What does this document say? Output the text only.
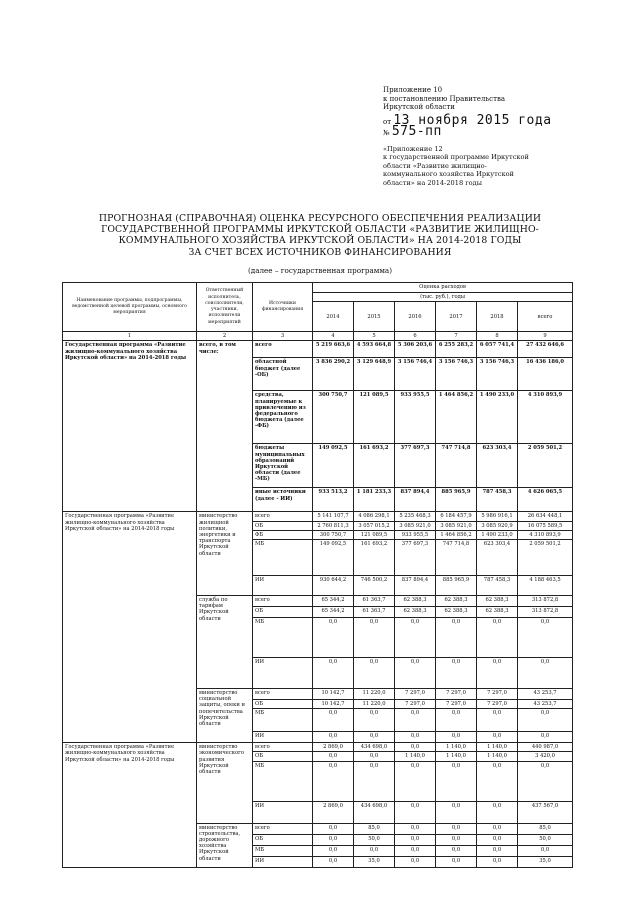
Приложение 10
к постановлению Правительства
Иркутской области
от 13 ноября 2015 года
№ 575-пп
«Приложение 12
к государственной программе Иркутской
области «Развитие жилищно-
коммунального хозяйства Иркутской
области» на 2014-2018 годы
ПРОГНОЗНАЯ (СПРАВОЧНАЯ) ОЦЕНКА РЕСУРСНОГО ОБЕСПЕЧЕНИЯ РЕАЛИЗАЦИИ
ГОСУДАРСТВЕННОЙ ПРОГРАММЫ ИРКУТСКОЙ ОБЛАСТИ «РАЗВИТИЕ ЖИЛИЩНО-
КОММУНАЛЬНОГО ХОЗЯЙСТВА ИРКУТСКОЙ ОБЛАСТИ» НА 2014-2018 ГОДЫ
ЗА СЧЕТ ВСЕХ ИСТОЧНИКОВ ФИНАНСИРОВАНИЯ
(далее – государственная программа)
Наименование программы, подпрограммы, ведомственной целевой программы, основного мероприятия	Ответственный исполнитель, соисполнители, участники, исполнители мероприятий	Источники финансирования	Оценка расходов					
			(тыс. руб.), годы					
			2014	2015	2016	2017	2018	всего
1	2	3	4	5	6	7	8	9
Государственная программа «Развитие жилищно-коммунального хозяйства Иркутской области» на 2014-2018 годы	всего, в том числе:	всего	5 219 663,6	4 593 664,8	5 306 203,6	6 255 283,2	6 057 741,4	27 432 646,6
		областной бюджет (далее -ОБ)	3 836 290,2	3 129 648,9	3 156 746,4	3 156 746,3	3 156 746,3	16 436 186,0
		средства, планируемые к привлечению из федерального бюджета (далее -ФБ)	300 750,7	121 089,5	933 955,5	1 464 856,2	1 490 233,0	4 310 893,9
		бюджеты муниципальных образований Иркутской области (далее -МБ)	149 092,5	161 693,2	377 697,3	747 714,8	623 303,4	2 059 501,2
		иные источники (далее - ИИ)	933 513,2	1 181 233,3	837 894,4	885 965,9	787 458,3	4 626 065,5
Государственная программа «Развитие жилищно-коммунального хозяйства Иркутской области» на 2014-2018 годы	министерство жилищной политики, энергетики и транспорта Иркутской области	всего	5 141 107,7	4 086 298,1	5 235 468,3	6 184 457,9	5 986 916,1	26 634 448,1
		ОБ	2 760 811,3	3 057 015,2	3 085 921,0	3 085 921,0	3 085 920,9	16 075 589,5
		ФБ	300 750,7	121 089,5	933 955,5	1 464 856,2	1 490 233,0	4 310 893,9
		МБ	149 092,5	161 693,2	377 697,3	747 714,8	623 303,4	2 059 501,2
		ИИ	930 644,2	746 500,2	837 894,4	885 965,9	787 458,3	4 188 463,5
	служба по тарифам Иркутской области	всего	65 344,2	61 363,7	62 388,3	62 388,3	62 388,3	313 872,8
		ОБ	65 344,2	61 363,7	62 388,3	62 388,3	62 388,3	313 872,8
		МБ	0,0	0,0	0,0	0,0	0,0	0,0
		ИИ	0,0	0,0	0,0	0,0	0,0	0,0
	министерство социальной защиты, опеки и попечительства Иркутской области	всего	10 142,7	11 220,0	7 297,0	7 297,0	7 297,0	43 253,7
		ОБ	10 142,7	11 220,0	7 297,0	7 297,0	7 297,0	43 253,7
		МБ	0,0	0,0	0,0	0,0	0,0	0,0
		ИИ	0,0	0,0	0,0	0,0	0,0	0,0
Государственная программа «Развитие жилищно-коммунального хозяйства Иркутской области» на 2014-2018 годы	министерство экономического развития Иркутской области	всего	2 869,0	434 698,0	0,0	1 140,0	1 140,0	440 987,0
		ОБ	0,0	0,0	1 140,0	1 140,0	1 140,0	3 420,0
		МБ	0,0	0,0	0,0	0,0	0,0	0,0
		ИИ	2 869,0	434 698,0	0,0	0,0	0,0	437 567,0
	министерство строительства, дорожного хозяйства Иркутской области	всего	0,0	85,0	0,0	0,0	0,0	85,0
		ОБ	0,0	50,0	0,0	0,0	0,0	50,0
		МБ	0,0	0,0	0,0	0,0	0,0	0,0
		ИИ	0,0	35,0	0,0	0,0	0,0	35,0
